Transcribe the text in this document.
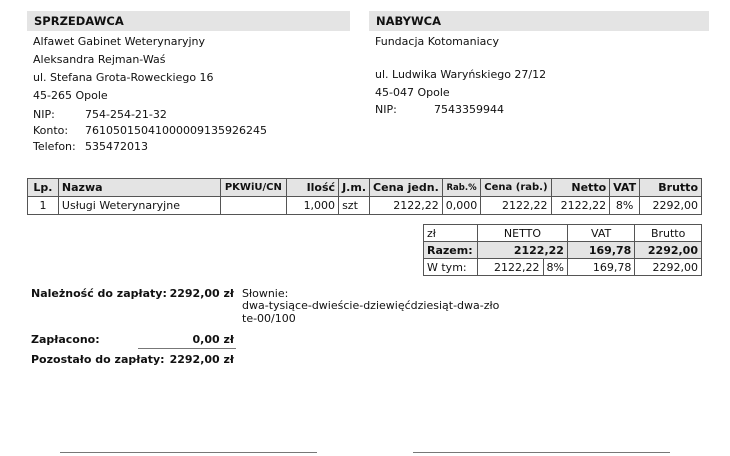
SPRZEDAWCA
Alfawet Gabinet Weterynaryjny
Aleksandra Rejman-Waś
ul. Stefana Grota-Roweckiego 16
45-265 Opole
NIP:	754-254-21-32
Konto: 76105015041000009135926245
Telefon: 535472013
NABYWCA
Fundacja Kotomaniacy
ul. Ludwika Waryńskiego 27/12
45-047 Opole
NIP:	7543359944
Lp.	Nazwa	PKWiU/CN	Ilość	J.m.	Cena jedn.	Rab.%	Cena (rab.)	Netto	VAT	Brutto
1	Usługi Weterynaryjne		1,000	szt	2122,22	0,000	2122,22	2122,22	8%	2292,00
zł	NETTO		VAT	Brutto
Razem:	2122,22		169,78	2292,00
W tym:	2122,22	8%	169,78	2292,00
Należność do zapłaty: 2292,00 zł Słownie:
dwa-tysiące-dwieście-dziewięćdziesiąt-dwa-zło
te-00/100
Zapłacono:	0,00 zł
Pozostało do zapłaty: 2292,00 zł
